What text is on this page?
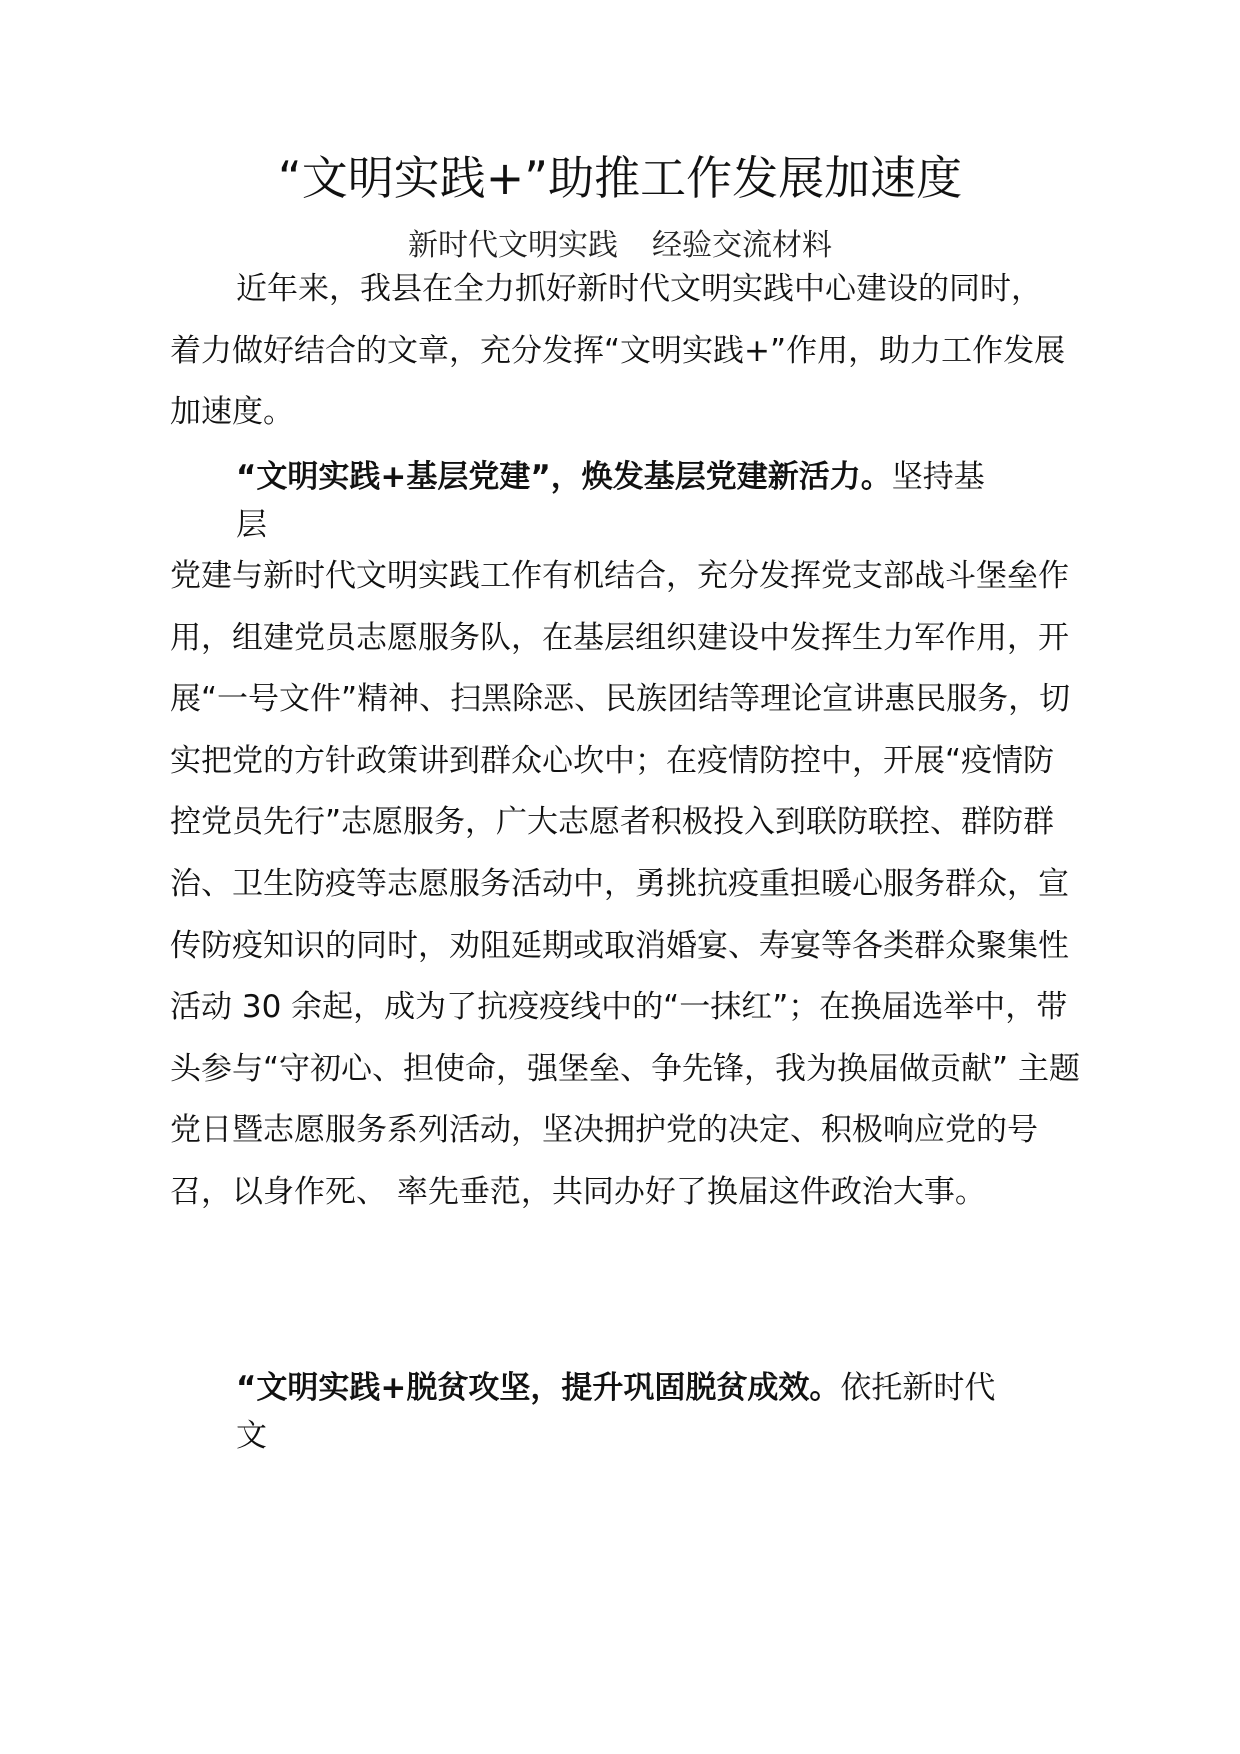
“文明实践+”助推工作发展加速度
新时代文明实践 经验交流材料
近年来，我县在全力抓好新时代文明实践中心建设的同时， 着力做好结合的文章，充分发挥“文明实践+”作用，助力工作发展加速度。
“文明实践+基层党建”，焕发基层党建新活力。坚持基
层
党建与新时代文明实践工作有机结合，充分发挥党支部战斗堡垒作用，组建党员志愿服务队，在基层组织建设中发挥生力军作用，开展“一号文件”精神、扫黑除恶、民族团结等理论宣讲惠民服务，切实把党的方针政策讲到群众心坎中；在疫情防控中，开展“疫情防控党员先行”志愿服务，广大志愿者积极投入到联防联控、群防群治、卫生防疫等志愿服务活动中，勇挑抗疫重担暖心服务群众，宣传防疫知识的同时，劝阻延期或取消婚宴、寿宴等各类群众聚集性活动 30 余起，成为了抗疫疫线中的“一抹红”；在换届选举中，带头参与“守初心、担使命，强堡垒、争先锋，我为换届做贡献” 主题党日暨志愿服务系列活动，坚决拥护党的决定、积极响应党的号召，以身作死、 率先垂范，共同办好了换届这件政治大事。
“文明实践+脱贫攻坚，提升巩固脱贫成效。依托新时代
文
